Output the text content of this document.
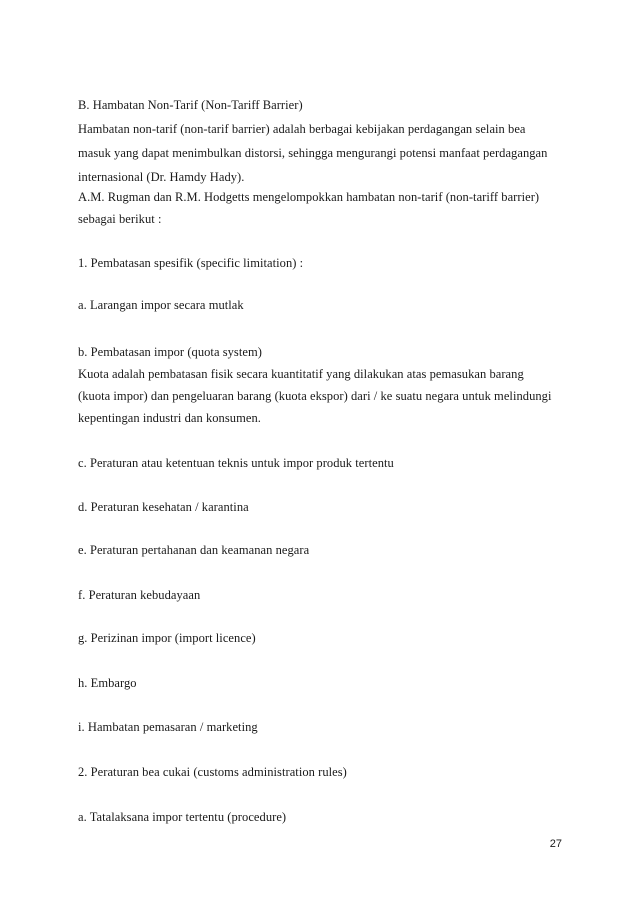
B. Hambatan Non-Tarif (Non-Tariff Barrier)
Hambatan non-tarif (non-tarif barrier) adalah berbagai kebijakan perdagangan selain bea
masuk yang dapat menimbulkan distorsi, sehingga mengurangi potensi manfaat perdagangan
internasional (Dr. Hamdy Hady).
A.M. Rugman dan R.M. Hodgetts mengelompokkan hambatan non-tarif (non-tariff barrier)
sebagai berikut :
1. Pembatasan spesifik (specific limitation) :
a. Larangan impor secara mutlak
b. Pembatasan impor (quota system)
Kuota adalah pembatasan fisik secara kuantitatif yang dilakukan atas pemasukan barang
(kuota impor) dan pengeluaran barang (kuota ekspor) dari / ke suatu negara untuk melindungi
kepentingan industri dan konsumen.
c. Peraturan atau ketentuan teknis untuk impor produk tertentu
d. Peraturan kesehatan / karantina
e. Peraturan pertahanan dan keamanan negara
f. Peraturan kebudayaan
g. Perizinan impor (import licence)
h. Embargo
i. Hambatan pemasaran / marketing
2. Peraturan bea cukai (customs administration rules)
a. Tatalaksana impor tertentu (procedure)
27
